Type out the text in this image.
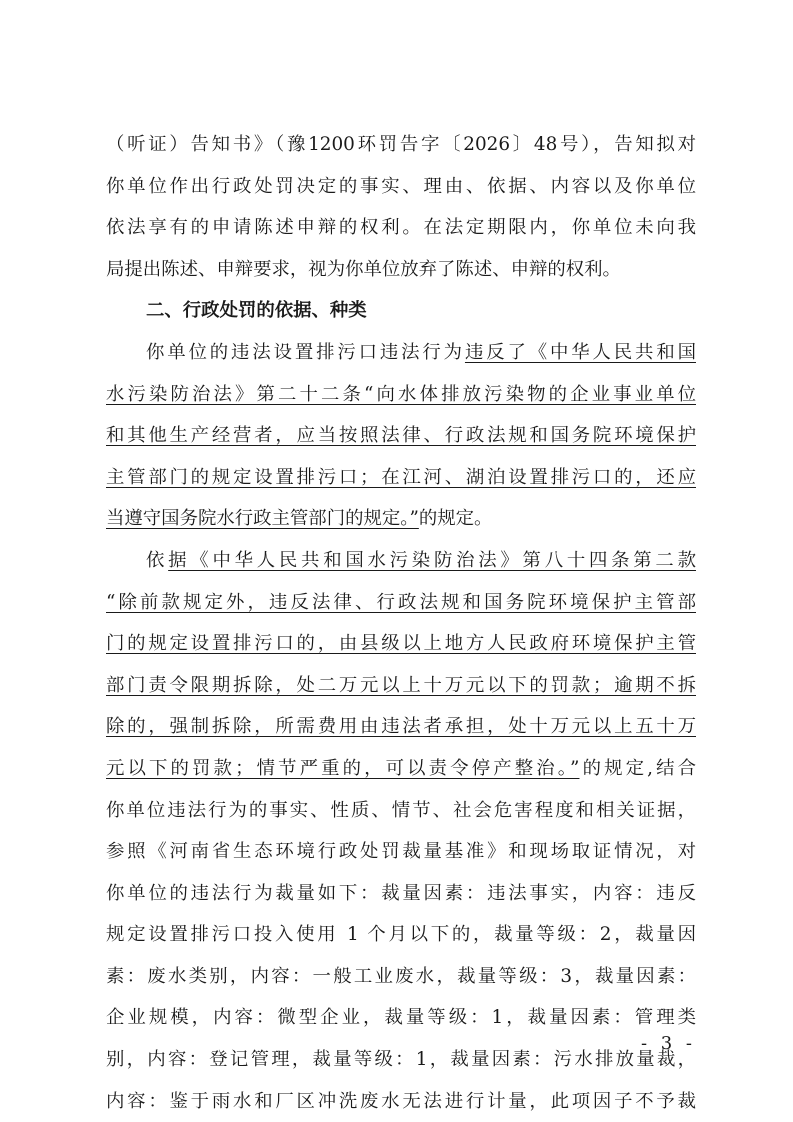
（听证）告知书》（豫1200环罚告字〔2026〕48号），告知拟对
你单位作出行政处罚决定的事实、理由、依据、内容以及你单位
依法享有的申请陈述申辩的权利。在法定期限内，你单位未向我
局提出陈述、申辩要求，视为你单位放弃了陈述、申辩的权利。
二、行政处罚的依据、种类
你单位的违法设置排污口违法行为违反了《中华人民共和国
水污染防治法》第二十二条“向水体排放污染物的企业事业单位
和其他生产经营者，应当按照法律、行政法规和国务院环境保护
主管部门的规定设置排污口；在江河、湖泊设置排污口的，还应
当遵守国务院水行政主管部门的规定。”的规定。
依据《中华人民共和国水污染防治法》第八十四条第二款
“除前款规定外，违反法律、行政法规和国务院环境保护主管部
门的规定设置排污口的，由县级以上地方人民政府环境保护主管
部门责令限期拆除，处二万元以上十万元以下的罚款；逾期不拆
除的，强制拆除，所需费用由违法者承担，处十万元以上五十万
元以下的罚款；情节严重的，可以责令停产整治。”的规定,结合
你单位违法行为的事实、性质、情节、社会危害程度和相关证据，
参照《河南省生态环境行政处罚裁量基准》和现场取证情况，对
你单位的违法行为裁量如下：裁量因素：违法事实，内容：违反
规定设置排污口投入使用 1 个月以下的，裁量等级：2，裁量因
素：废水类别，内容：一般工业废水，裁量等级：3，裁量因素：
企业规模，内容：微型企业，裁量等级：1，裁量因素：管理类
别，内容：登记管理，裁量等级：1，裁量因素：污水排放量裁，
内容：鉴于雨水和厂区冲洗废水无法进行计量，此项因子不予裁
- 3 -
